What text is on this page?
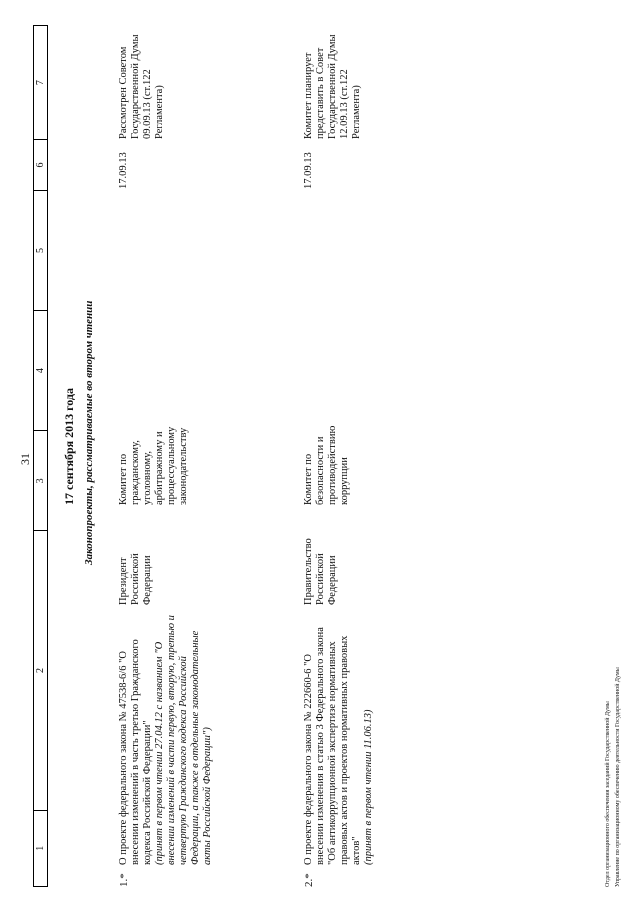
31
1
2
3
4
5
6
7
17 сентября 2013 года Законопроекты, рассматриваемые во втором чтении
1.*
О проекте федерального закона № 47538-6/6 "О внесении изменений в часть третью Гражданского кодекса Российской Федерации" (принят в первом чтении 27.04.12 с названием "О внесении изменений в части первую, вторую, третью и четвертую Гражданского кодекса Российской Федерации, а также в отдельные законодательные акты Российской Федерации")
Президент Российской Федерации
Комитет по гражданскому, уголовному, арбитражному и процессуальному законодательству
17.09.13
Рассмотрен Советом Государственной Думы 09.09.13 (ст.122 Регламента)
2.*
О проекте федерального закона № 222660-6 "О внесении изменения в статью 3 Федерального закона "Об антикоррупционной экспертизе нормативных правовых актов и проектов нормативных правовых актов" (принят в первом чтении 11.06.13)
Правительство Российской Федерации
Комитет по безопасности и противодействию коррупции
17.09.13
Комитет планирует представить в Совет Государственной Думы 12.09.13 (ст.122 Регламента)
Отдел организационного обеспечения заседаний Государственной Думы Управление по организационному обеспечению деятельности Государственной Думы
